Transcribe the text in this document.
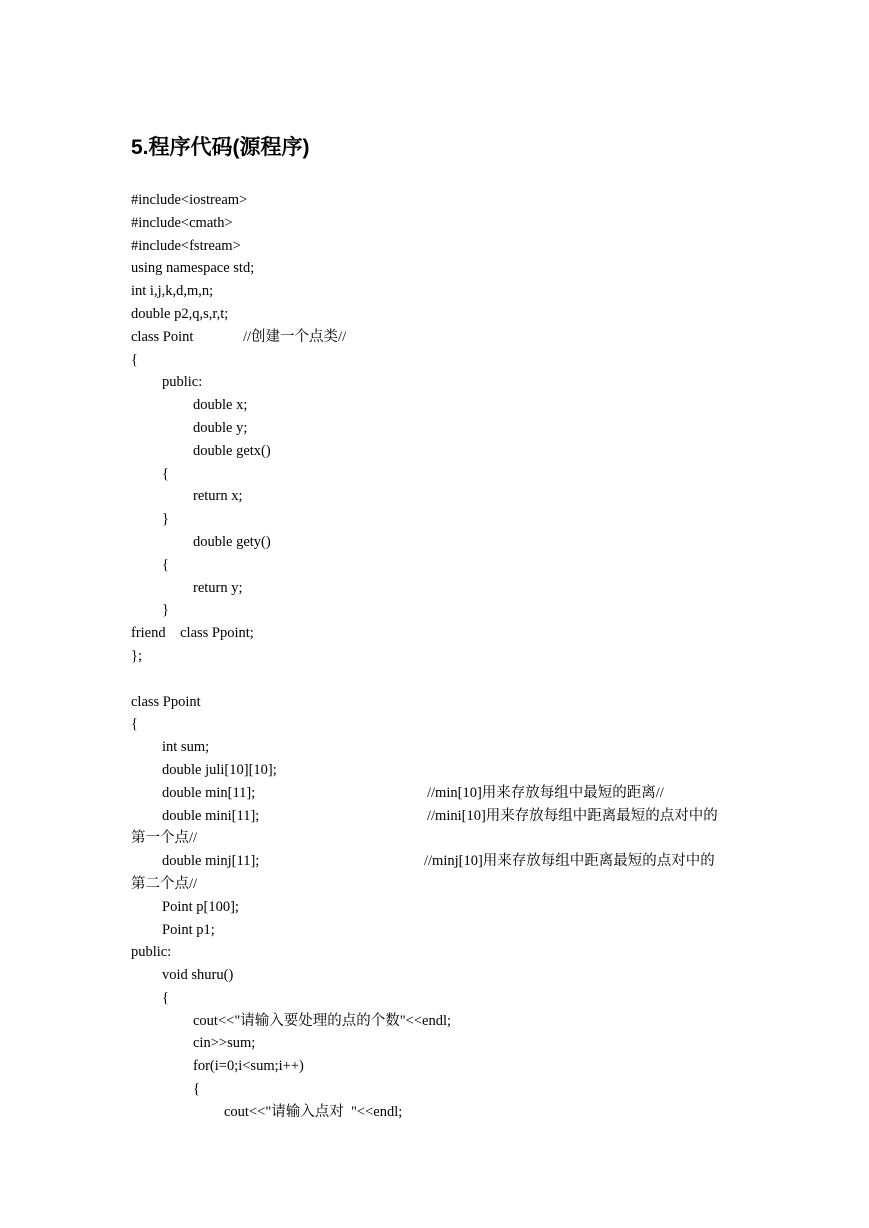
5.程序代码(源程序)
#include<iostream>
#include<cmath>
#include<fstream>
using namespace std;
int i,j,k,d,m,n;
double p2,q,s,r,t;
class Point	//创建一个点类//
{
public:
double x;
double y;
double getx()
{
return x;
}
double gety()
{
return y;
}
friend    class Ppoint;
};
class Ppoint
{
int sum;
double juli[10][10];
double min[11];	//min[10]用来存放每组中最短的距离//
double mini[11];	//mini[10]用来存放每组中距离最短的点对中的
第一个点//
double minj[11];	//minj[10]用来存放每组中距离最短的点对中的
第二个点//
Point p[100];
Point p1;
public:
void shuru()
{
cout<<"请输入要处理的点的个数"<<endl;
cin>>sum;
for(i=0;i<sum;i++)
{
cout<<"请输入点对  "<<endl;
